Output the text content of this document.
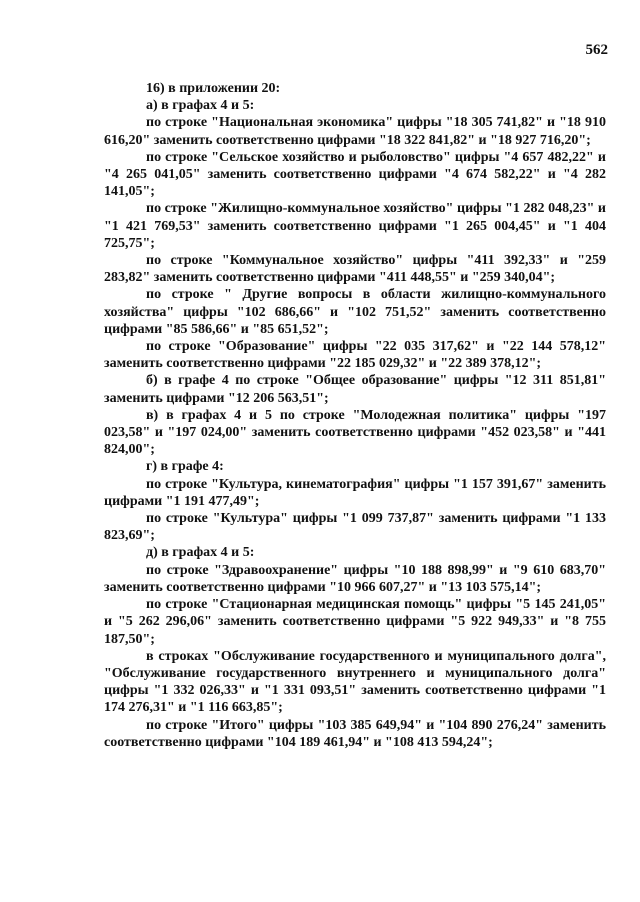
562

16) в приложении 20:

а) в графах 4 и 5:

по строке "Национальная экономика" цифры "18 305 741,82" и "18 910 616,20" заменить соответственно цифрами "18 322 841,82" и "18 927 716,20";

по строке "Сельское хозяйство и рыболовство" цифры "4 657 482,22" и "4 265 041,05" заменить соответственно цифрами "4 674 582,22" и "4 282 141,05";

по строке "Жилищно-коммунальное хозяйство" цифры "1 282 048,23" и "1 421 769,53" заменить соответственно цифрами "1 265 004,45" и "1 404 725,75";

по строке "Коммунальное хозяйство" цифры "411 392,33" и "259 283,82" заменить соответственно цифрами "411 448,55" и "259 340,04";

по строке " Другие вопросы в области жилищно-коммунального хозяйства" цифры "102 686,66" и "102 751,52" заменить соответственно цифрами "85 586,66" и "85 651,52";

по строке "Образование" цифры "22 035 317,62" и "22 144 578,12" заменить соответственно цифрами "22 185 029,32" и "22 389 378,12";

б) в графе 4 по строке "Общее образование" цифры "12 311 851,81" заменить цифрами "12 206 563,51";

в) в графах 4 и 5 по строке "Молодежная политика" цифры "197 023,58" и "197 024,00" заменить соответственно цифрами "452 023,58" и "441 824,00";

г) в графе 4:

по строке "Культура, кинематография" цифры "1 157 391,67" заменить цифрами "1 191 477,49";

по строке "Культура" цифры "1 099 737,87" заменить цифрами "1 133 823,69";

д) в графах 4 и 5:

по строке "Здравоохранение" цифры "10 188 898,99" и "9 610 683,70" заменить соответственно цифрами "10 966 607,27" и "13 103 575,14";

по строке "Стационарная медицинская помощь" цифры "5 145 241,05" и "5 262 296,06" заменить соответственно цифрами "5 922 949,33" и "8 755 187,50";

в строках "Обслуживание государственного и муниципального долга", "Обслуживание государственного внутреннего и муниципального долга" цифры "1 332 026,33" и "1 331 093,51" заменить соответственно цифрами "1 174 276,31" и "1 116 663,85";

по строке "Итого" цифры "103 385 649,94" и "104 890 276,24" заменить соответственно цифрами "104 189 461,94" и "108 413 594,24";
